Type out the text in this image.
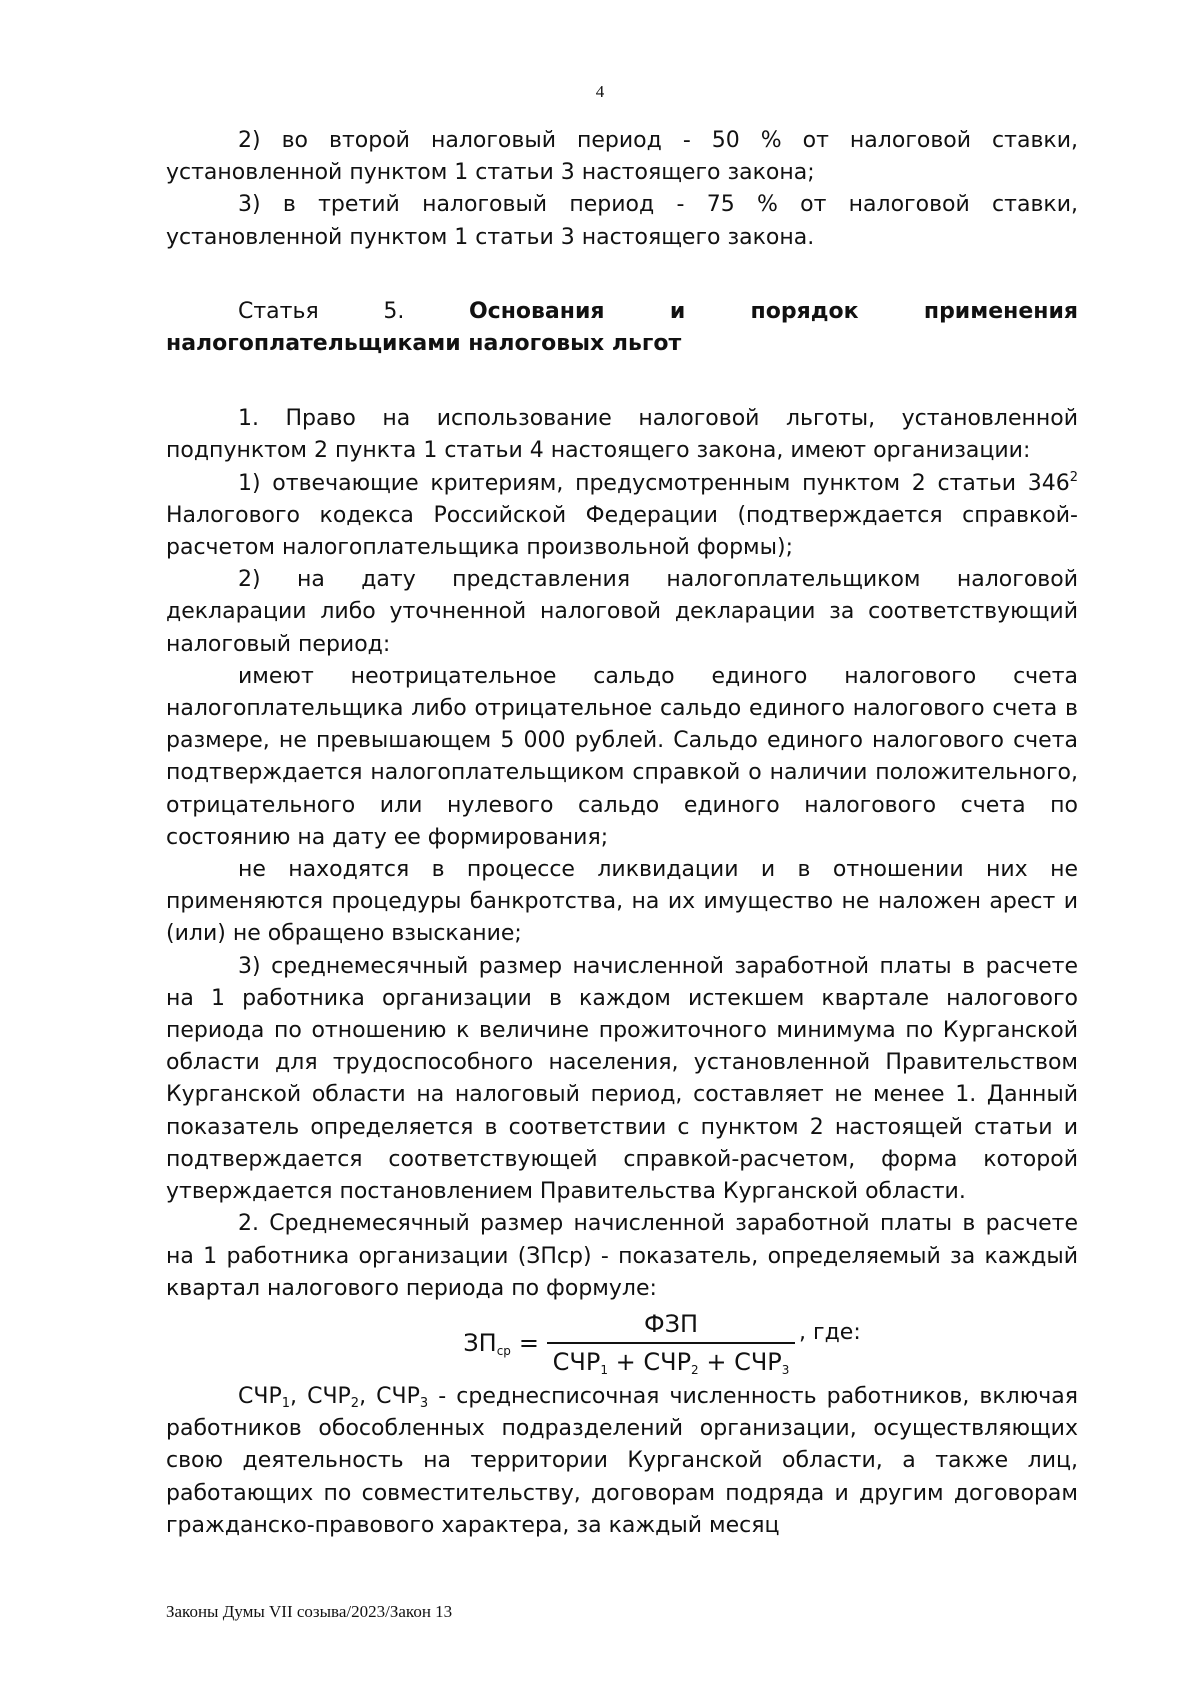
4

2) во второй налоговый период - 50 % от налоговой ставки, установленной пунктом 1 статьи 3 настоящего закона;

3) в третий налоговый период - 75 % от налоговой ставки, установленной пунктом 1 статьи 3 настоящего закона.

Статья 5. Основания и порядок применения налогоплательщиками налоговых льгот

1. Право на использование налоговой льготы, установленной подпунктом 2 пункта 1 статьи 4 настоящего закона, имеют организации:

1) отвечающие критериям, предусмотренным пунктом 2 статьи $346^2$ Налогового кодекса Российской Федерации (подтверждается справкой-расчетом налогоплательщика произвольной формы);

2) на дату представления налогоплательщиком налоговой декларации либо уточненной налоговой декларации за соответствующий налоговый период:

имеют неотрицательное сальдо единого налогового счета налогоплательщика либо отрицательное сальдо единого налогового счета в размере, не превышающем 5 000 рублей. Сальдо единого налогового счета подтверждается налогоплательщиком справкой о наличии положительного, отрицательного или нулевого сальдо единого налогового счета по состоянию на дату ее формирования;

не находятся в процессе ликвидации и в отношении них не применяются процедуры банкротства, на их имущество не наложен арест и (или) не обращено взыскание;

3) среднемесячный размер начисленной заработной платы в расчете на 1 работника организации в каждом истекшем квартале налогового периода по отношению к величине прожиточного минимума по Курганской области для трудоспособного населения, установленной Правительством Курганской области на налоговый период, составляет не менее 1. Данный показатель определяется в соответствии с пунктом 2 настоящей статьи и подтверждается соответствующей справкой-расчетом, форма которой утверждается постановлением Правительства Курганской области.

2. Среднемесячный размер начисленной заработной платы в расчете на 1 работника организации (ЗПср) - показатель, определяемый за каждый квартал налогового периода по формуле:

$ЗП_{ср} = \frac{\text{ФЗП}}{СЧР_1 + СЧР_2 + СЧР_3}$ , где:

$СЧР_1$, $СЧР_2$, $СЧР_3$ - среднесписочная численность работников, включая работников обособленных подразделений организации, осуществляющих свою деятельность на территории Курганской области, а также лиц, работающих по совместительству, договорам подряда и другим договорам гражданско-правового характера, за каждый месяц

Законы Думы VII созыва/2023/Закон 13
